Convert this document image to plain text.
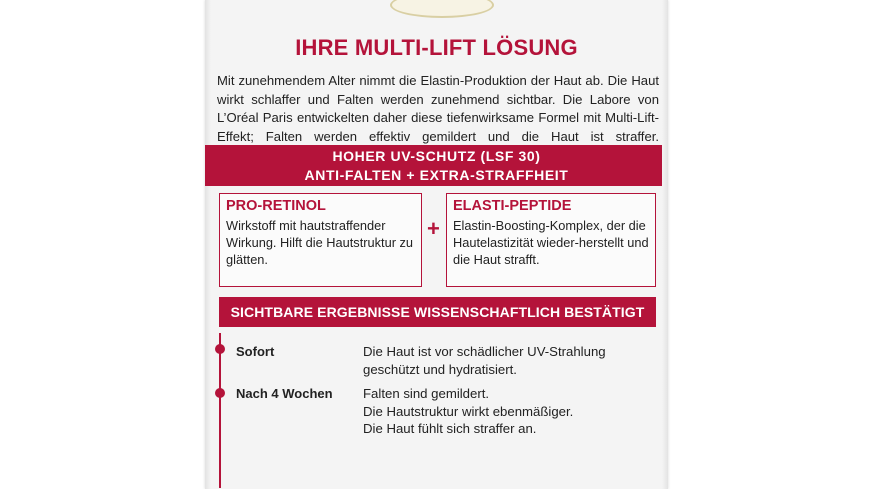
IHRE MULTI-LIFT LÖSUNG
Mit zunehmendem Alter nimmt die Elastin-Produktion der Haut ab. Die Haut wirkt schlaffer und Falten werden zunehmend sichtbar. Die Labore von L’Oréal Paris entwickelten daher diese tiefenwirksame Formel mit Multi-Lift-Effekt; Falten werden effektiv gemildert und die Haut ist straffer.
HOHER UV-SCHUTZ (LSF 30)
ANTI-FALTEN + EXTRA-STRAFFHEIT
PRO-RETINOL
Wirkstoff mit hautstraffender Wirkung. Hilft die Hautstruktur zu glätten.
+
ELASTI-PEPTIDE
Elastin-Boosting-Komplex, der die Hautelastizität wieder-herstellt und die Haut strafft.
SICHTBARE ERGEBNISSE WISSENSCHAFTLICH BESTÄTIGT
Sofort	Die Haut ist vor schädlicher UV-Strahlung
geschützt und hydratisiert.
Nach 4 Wochen Falten sind gemildert.
Die Hautstruktur wirkt ebenmäßiger.
Die Haut fühlt sich straffer an.
